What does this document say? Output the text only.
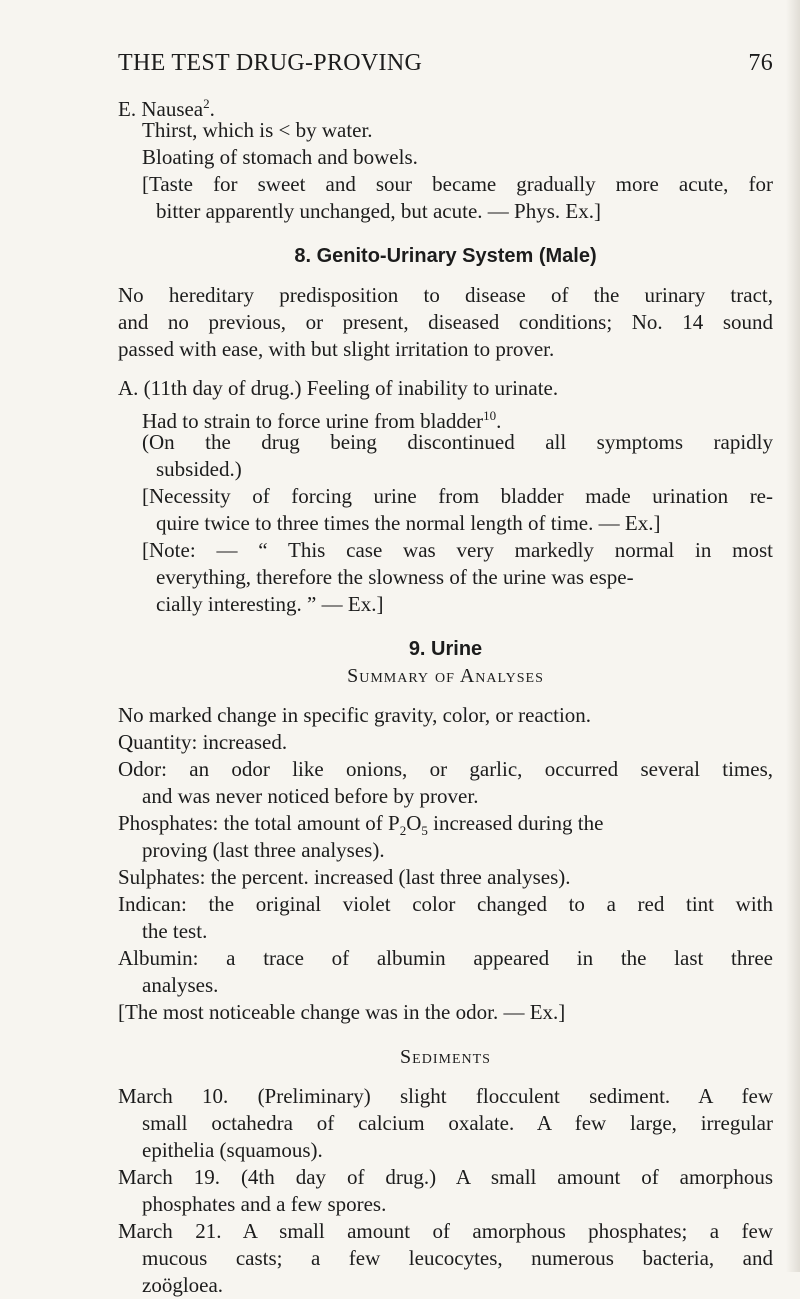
THE TEST DRUG-PROVING	76
E. Nausea$^2$.
Thirst, which is < by water.
Bloating of stomach and bowels.
[Taste for sweet and sour became gradually more acute, for
bitter apparently unchanged, but acute. — Phys. Ex.]
8. Genito-Urinary System (Male)
No hereditary predisposition to disease of the urinary tract,
and no previous, or present, diseased conditions; No. 14 sound
passed with ease, with but slight irritation to prover.
A. (11th day of drug.) Feeling of inability to urinate.
Had to strain to force urine from bladder$^{10}$.
(On the drug being discontinued all symptoms rapidly
subsided.)
[Necessity of forcing urine from bladder made urination re-
quire twice to three times the normal length of time. — Ex.]
[Note: — “ This case was very markedly normal in most
everything, therefore the slowness of the urine was espe-
cially interesting. ” — Ex.]
9. Urine
Summary of Analyses
No marked change in specific gravity, color, or reaction.
Quantity: increased.
Odor: an odor like onions, or garlic, occurred several times,
and was never noticed before by prover.
Phosphates: the total amount of $P_2O_5$ increased during the
proving (last three analyses).
Sulphates: the percent. increased (last three analyses).
Indican: the original violet color changed to a red tint with
the test.
Albumin: a trace of albumin appeared in the last three
analyses.
[The most noticeable change was in the odor. — Ex.]
Sediments
March 10. (Preliminary) slight flocculent sediment. A few
small octahedra of calcium oxalate. A few large, irregular
epithelia (squamous).
March 19. (4th day of drug.) A small amount of amorphous
phosphates and a few spores.
March 21. A small amount of amorphous phosphates; a few
mucous casts; a few leucocytes, numerous bacteria, and
zoögloea.
